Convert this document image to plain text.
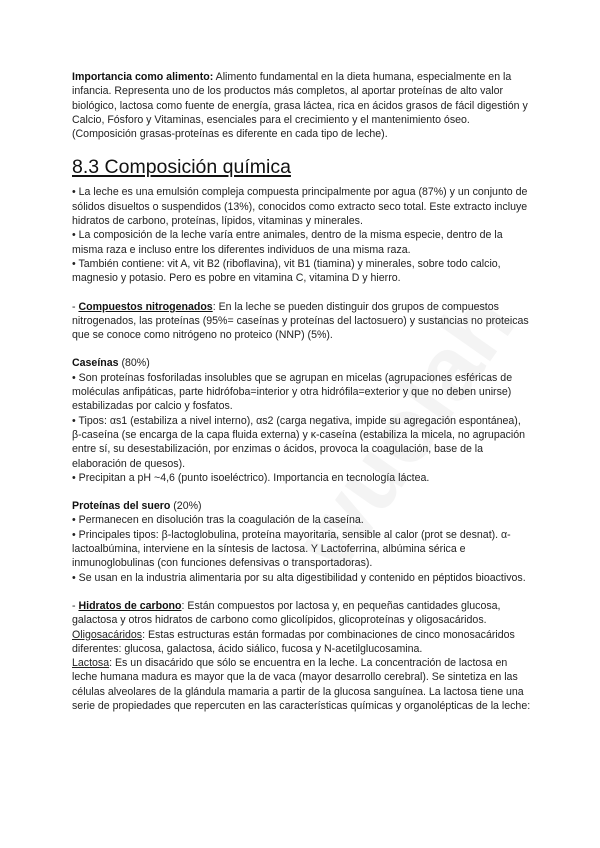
Importancia como alimento: Alimento fundamental en la dieta humana, especialmente en la infancia. Representa uno de los productos más completos, al aportar proteínas de alto valor biológico, lactosa como fuente de energía, grasa láctea, rica en ácidos grasos de fácil digestión y Calcio, Fósforo y Vitaminas, esenciales para el crecimiento y el mantenimiento óseo.

(Composición grasas-proteínas es diferente en cada tipo de leche).

8.3 Composición química

• La leche es una emulsión compleja compuesta principalmente por agua (87%) y un conjunto de sólidos disueltos o suspendidos (13%), conocidos como extracto seco total. Este extracto incluye hidratos de carbono, proteínas, lípidos, vitaminas y minerales.

• La composición de la leche varía entre animales, dentro de la misma especie, dentro de la misma raza e incluso entre los diferentes individuos de una misma raza.

• También contiene: vit A, vit B2 (riboflavina), vit B1 (tiamina) y minerales, sobre todo calcio, magnesio y potasio. Pero es pobre en vitamina C, vitamina D y hierro.

- Compuestos nitrogenados: En la leche se pueden distinguir dos grupos de compuestos nitrogenados, las proteínas (95%= caseínas y proteínas del lactosuero) y sustancias no proteicas que se conoce como nitrógeno no proteico (NNP) (5%).

Caseínas (80%)

• Son proteínas fosforiladas insolubles que se agrupan en micelas (agrupaciones esféricas de moléculas anfipáticas, parte hidrófoba=interior y otra hidrófila=exterior y que no deben unirse) estabilizadas por calcio y fosfatos.

• Tipos: αs1 (estabiliza a nivel interno), αs2 (carga negativa, impide su agregación espontánea), β-caseína (se encarga de la capa fluida externa) y κ-caseína (estabiliza la micela, no agrupación entre sí, su desestabilización, por enzimas o ácidos, provoca la coagulación, base de la elaboración de quesos).

• Precipitan a pH ~4,6 (punto isoeléctrico). Importancia en tecnología láctea.

Proteínas del suero (20%)

• Permanecen en disolución tras la coagulación de la caseína.

• Principales tipos: β-lactoglobulina, proteína mayoritaria, sensible al calor (prot se desnat). α-lactoalbúmina, interviene en la síntesis de lactosa. Y Lactoferrina, albúmina sérica e inmunoglobulinas (con funciones defensivas o transportadoras).

• Se usan en la industria alimentaria por su alta digestibilidad y contenido en péptidos bioactivos.

- Hidratos de carbono: Están compuestos por lactosa y, en pequeñas cantidades glucosa, galactosa y otros hidratos de carbono como glicolípidos, glicoproteínas y oligosacáridos.

Oligosacáridos: Estas estructuras están formadas por combinaciones de cinco monosacáridos diferentes: glucosa, galactosa, ácido siálico, fucosa y N-acetilglucosamina.

Lactosa: Es un disacárido que sólo se encuentra en la leche. La concentración de lactosa en leche humana madura es mayor que la de vaca (mayor desarrollo cerebral). Se sintetiza en las células alveolares de la glándula mamaria a partir de la glucosa sanguínea. La lactosa tiene una serie de propiedades que repercuten en las características químicas y organolépticas de la leche:
